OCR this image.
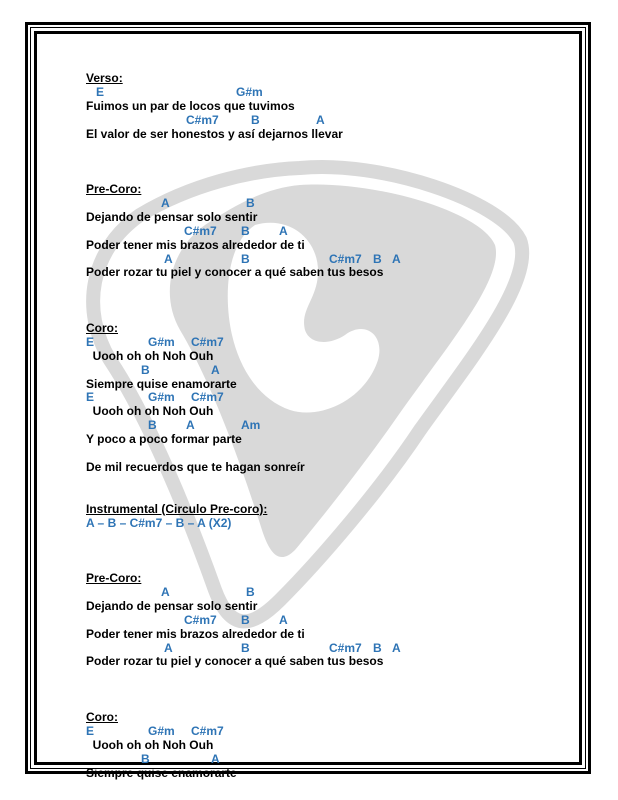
Verso:
E	G#m
Fuimos un par de locos que tuvimos
C#m7	B	A
El valor de ser honestos y así dejarnos llevar
Pre-Coro:
A	B
Dejando de pensar solo sentir
C#m7 B A
Poder tener mis brazos alrededor de ti
A	B	C#m7 B A
Poder rozar tu piel y conocer a qué saben tus besos
Coro:
E	G#m C#m7
Uooh oh oh Noh Ouh
B	A
Siempre quise enamorarte
E	G#m C#m7
Uooh oh oh Noh Ouh
B A	Am
Y poco a poco formar parte
De mil recuerdos que te hagan sonreír
Instrumental (Circulo Pre-coro):
A – B – C#m7 – B – A (X2)
Pre-Coro:
A	B
Dejando de pensar solo sentir
C#m7 B A
Poder tener mis brazos alrededor de ti
A	B	C#m7 B A
Poder rozar tu piel y conocer a qué saben tus besos
Coro:
E	G#m C#m7
Uooh oh oh Noh Ouh
B	A
Siempre quise enamorarte
